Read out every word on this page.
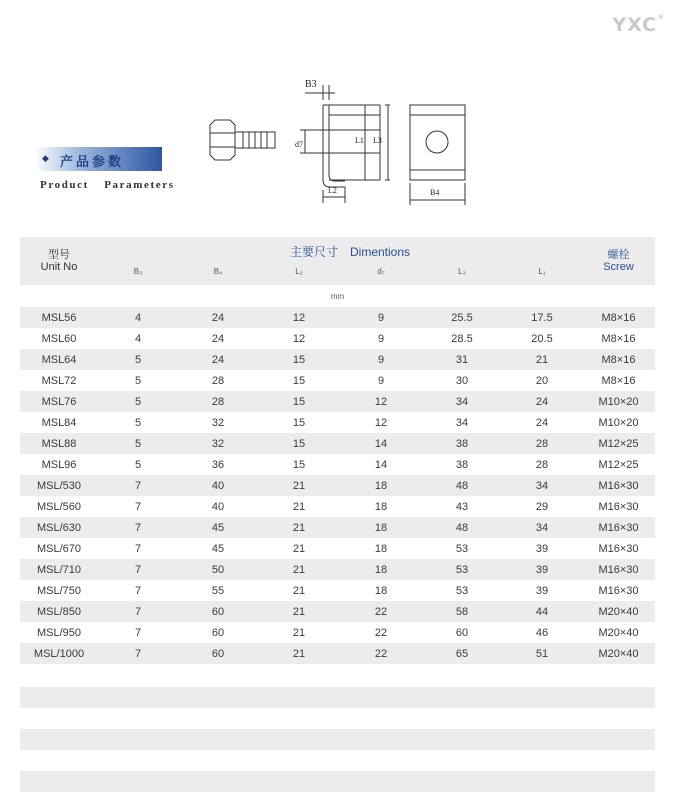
YXC®
◆ 产品参数
Product Parameters
B3
d7
L2
L1 L3
B4
型号
Unit No
主要尺寸 Dimentions
B₃	B₄	L₂	d₇	L₃	L₁
螺栓
Screw
mm
MSL56	4	24	12	9	25.5	17.5	M8×16
MSL60	4	24	12	9	28.5	20.5	M8×16
MSL64	5	24	15	9	31	21	M8×16
MSL72	5	28	15	9	30	20	M8×16
MSL76	5	28	15	12	34	24	M10×20
MSL84	5	32	15	12	34	24	M10×20
MSL88	5	32	15	14	38	28	M12×25
MSL96	5	36	15	14	38	28	M12×25
MSL/530	7	40	21	18	48	34	M16×30
MSL/560	7	40	21	18	43	29	M16×30
MSL/630	7	45	21	18	48	34	M16×30
MSL/670	7	45	21	18	53	39	M16×30
MSL/710	7	50	21	18	53	39	M16×30
MSL/750	7	55	21	18	53	39	M16×30
MSL/850	7	60	21	22	58	44	M20×40
MSL/950	7	60	21	22	60	46	M20×40
MSL/1000	7	60	21	22	65	51	M20×40
